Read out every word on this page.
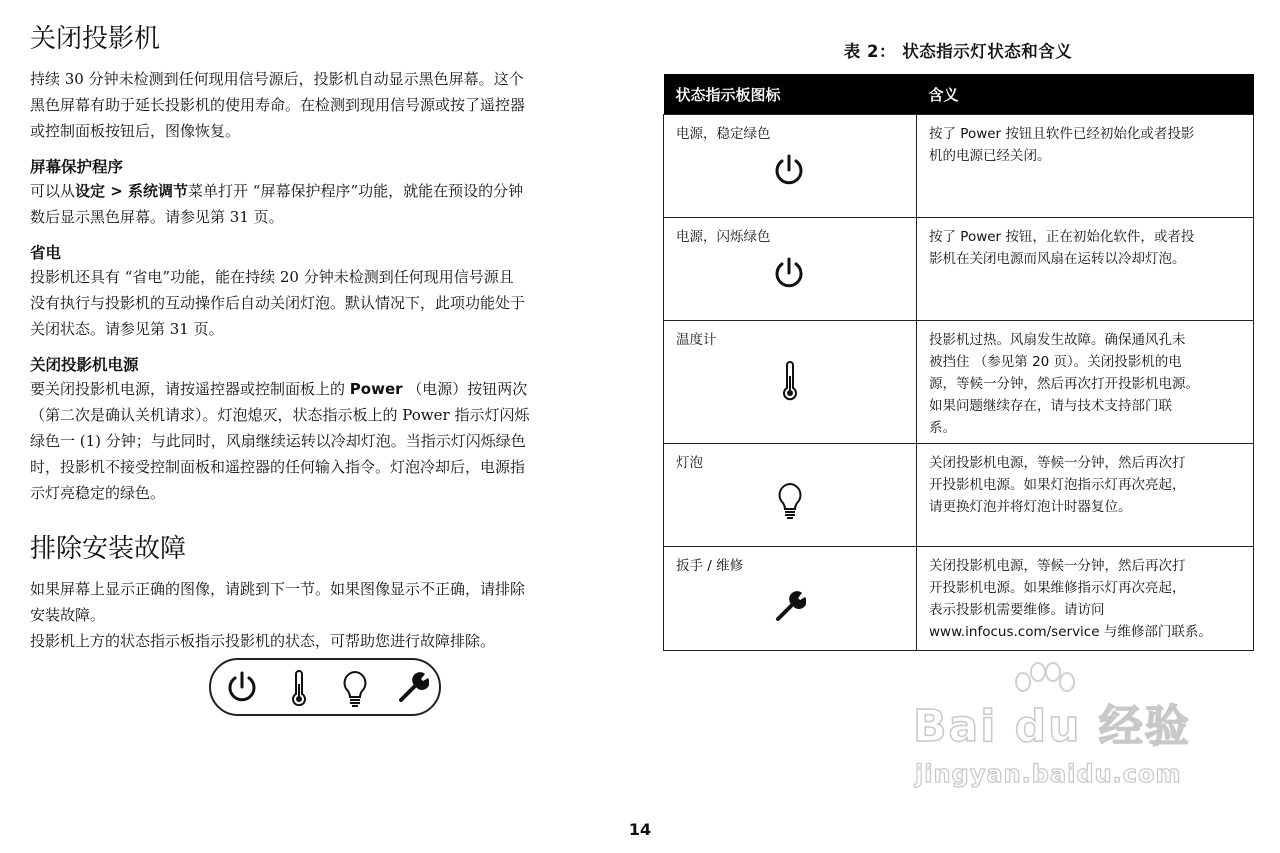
关闭投影机

持续 30 分钟未检测到任何现用信号源后，投影机自动显示黑色屏幕。这个
黑色屏幕有助于延长投影机的使用寿命。在检测到现用信号源或按了遥控器
或控制面板按钮后，图像恢复。

屏幕保护程序

可以从设定 > 系统调节菜单打开 “屏幕保护程序”功能，就能在预设的分钟
数后显示黑色屏幕。请参见第 31 页。

省电

投影机还具有 “省电”功能，能在持续 20 分钟未检测到任何现用信号源且
没有执行与投影机的互动操作后自动关闭灯泡。默认情况下，此项功能处于
关闭状态。请参见第 31 页。

关闭投影机电源

要关闭投影机电源，请按遥控器或控制面板上的 Power （电源）按钮两次
（第二次是确认关机请求）。灯泡熄灭，状态指示板上的 Power 指示灯闪烁
绿色一 (1) 分钟；与此同时，风扇继续运转以冷却灯泡。当指示灯闪烁绿色
时，投影机不接受控制面板和遥控器的任何输入指令。灯泡冷却后，电源指
示灯亮稳定的绿色。

排除安装故障

如果屏幕上显示正确的图像，请跳到下一节。如果图像显示不正确，请排除
安装故障。

投影机上方的状态指示板指示投影机的状态，可帮助您进行故障排除。

表 2： 状态指示灯状态和含义
状态指示板图标	含义
电源，稳定绿色	按了 Power 按钮且软件已经初始化或者投影
机的电源已经关闭。

电源，闪烁绿色	按了 Power 按钮，正在初始化软件，或者投
影机在关闭电源而风扇在运转以冷却灯泡。

温度计	投影机过热。风扇发生故障。确保通风孔未
被挡住 （参见第 20 页）。关闭投影机的电
源，等候一分钟，然后再次打开投影机电源。
如果问题继续存在，请与技术支持部门联
系。

灯泡	关闭投影机电源，等候一分钟，然后再次打
开投影机电源。如果灯泡指示灯再次亮起，
请更换灯泡并将灯泡计时器复位。

扳手 / 维修	关闭投影机电源，等候一分钟，然后再次打
开投影机电源。如果维修指示灯再次亮起，
表示投影机需要维修。请访问
www.infocus.com/service 与维修部门联系。
Bai du 经验
jingyan.baidu.com
14
